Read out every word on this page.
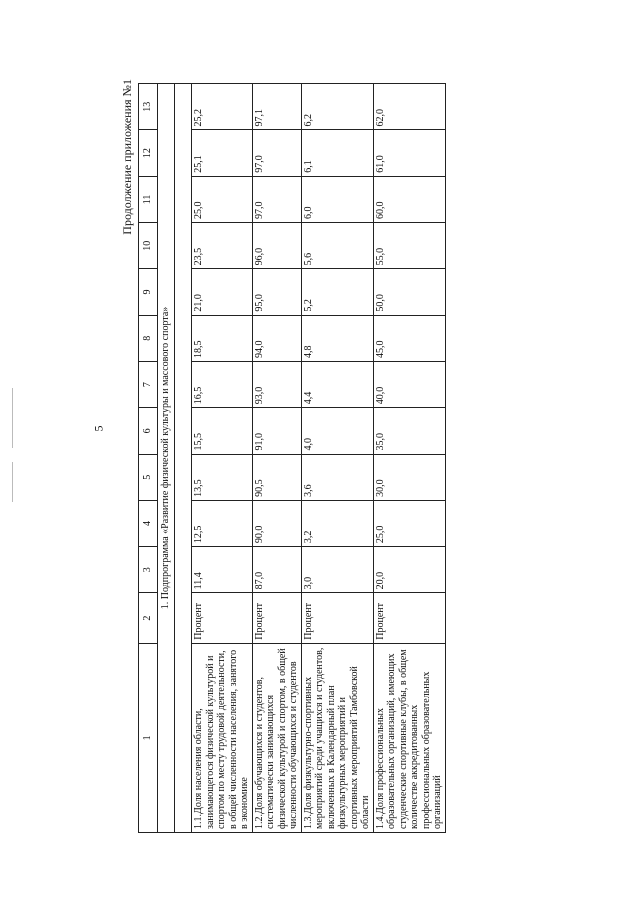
5
Продолжение приложения №1
1	2	3	4	5	6	7	8	9	10	11	12	13
1. Подпрограмма «Развитие физической культуры и массового спорта»												

1.1.Доля населения области, занимающегося физической культурой и спортом по месту трудовой деятельности, в общей численности населения, занятого в экономике	Процент	11,4	12,5	13,5	15,5	16,5	18,5	21,0	23,5	25,0	25,1	25,2
1.2.Доля обучающихся и студентов, систематически занимающихся физической культурой и спортом, в общей численности обучающихся и студентов	Процент	87,0	90,0	90,5	91,0	93,0	94,0	95,0	96,0	97,0	97,0	97,1
1.3.Доля физкультурно-спортивных мероприятий среди учащихся и студентов, включенных в Календарный план физкультурных мероприятий и спортивных мероприятий Тамбовской области	Процент	3,0	3,2	3,6	4,0	4,4	4,8	5,2	5,6	6,0	6,1	6,2
1.4.Доля профессиональных образовательных организаций, имеющих студенческие спортивные клубы, в общем количестве аккредитованных профессиональных образовательных организаций	Процент	20,0	25,0	30,0	35,0	40,0	45,0	50,0	55,0	60,0	61,0	62,0
